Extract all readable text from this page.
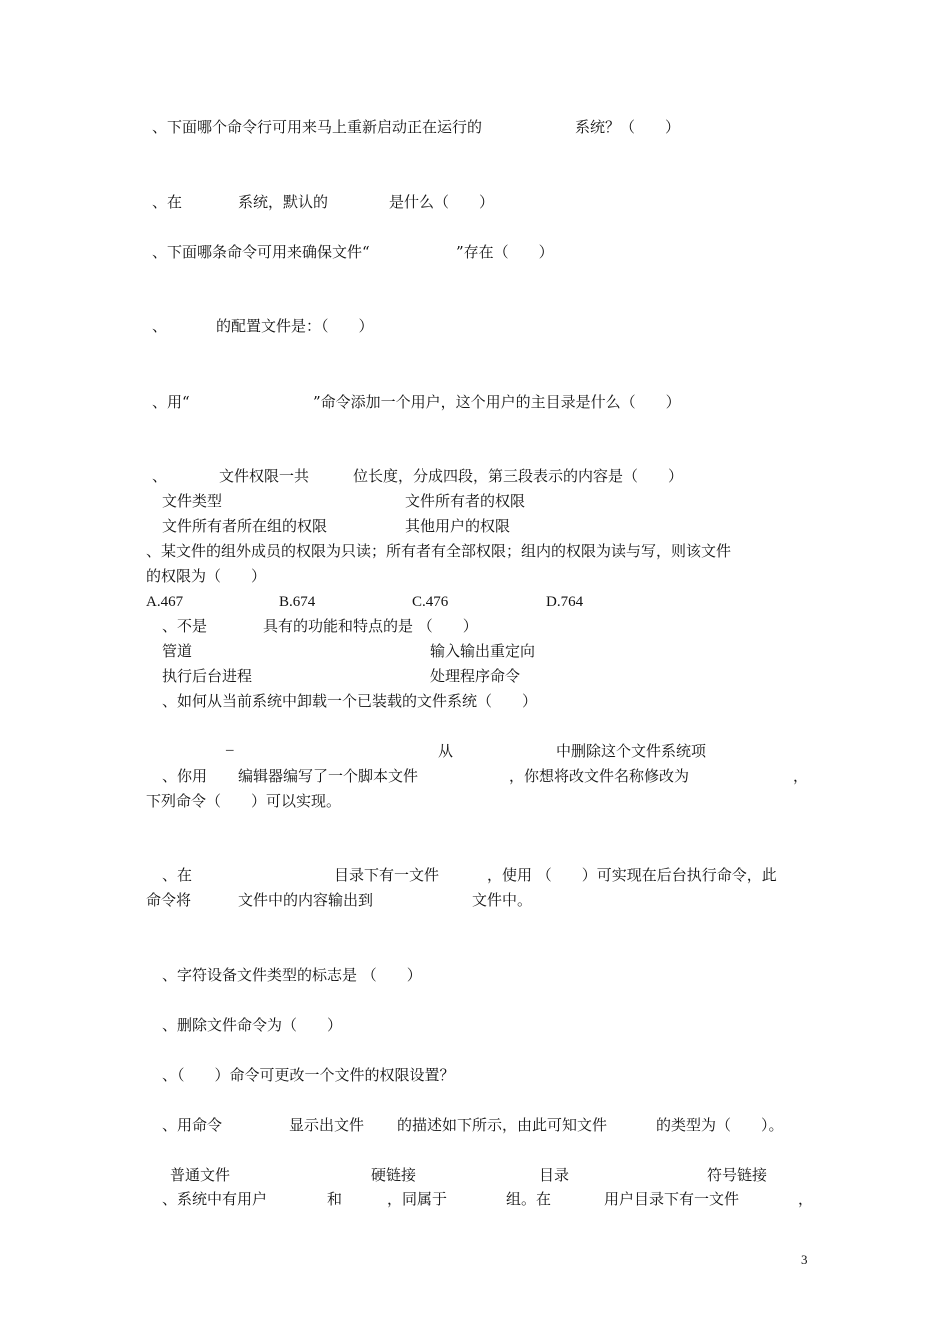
、下面哪个命令行可用来马上重新启动正在运行的	系统？（　　）
、在	系统，默认的	是什么（　　）
、下面哪条命令可用来确保文件“	”存在（　　）
、	的配置文件是：（　　）
、用“	”命令添加一个用户，这个用户的主目录是什么（　　）
、	文件权限一共	位长度，分成四段，第三段表示的内容是（　　）
文件类型	文件所有者的权限
文件所有者所在组的权限	其他用户的权限
、某文件的组外成员的权限为只读；所有者有全部权限；组内的权限为读与写，则该文件
的权限为（　　）
A.467	B.674	C.476	D.764
、不是	具有的功能和特点的是 （　　）
管道	输入输出重定向
执行后台进程	处理程序命令
、如何从当前系统中卸载一个已装载的文件系统（　　）
–	从	中删除这个文件系统项
、你用 编辑器编写了一个脚本文件	，你想将改文件名称修改为	，
下列命令（　　）可以实现。
、在	目录下有一文件	，使用 （　　）可实现在后台执行命令，此
命令将	文件中的内容输出到	文件中。
、字符设备文件类型的标志是 （　　）
、删除文件命令为（　　）
、（　　）命令可更改一个文件的权限设置？
、用命令	显示出文件 的描述如下所示，由此可知文件	的类型为（　　）。
普通文件	硬链接	目录	符号链接
、系统中有用户	和	，同属于	组。在	用户目录下有一文件	，
3
